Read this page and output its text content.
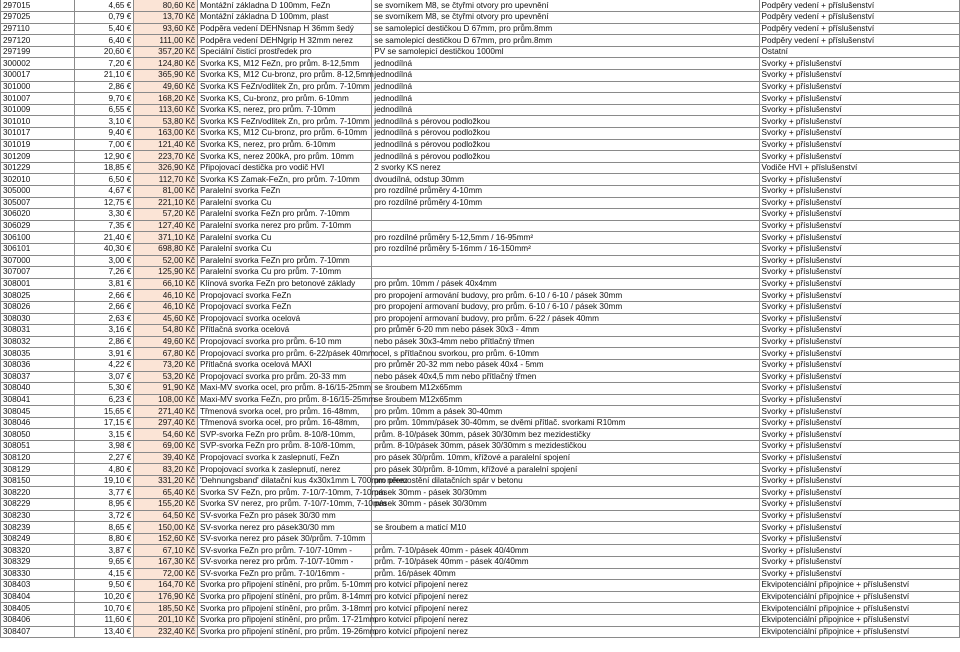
297015	4,65 €	80,60 Kč	Montážní základna D 100mm, FeZn	se svorníkem M8, se čtyřmi otvory pro upevnění	Podpěry vedení + příslušenství
297025	0,79 €	13,70 Kč	Montážní základna D 100mm, plast	se svorníkem M8, se čtyřmi otvory pro upevnění	Podpěry vedení + příslušenství
297110	5,40 €	93,60 Kč	Podpěra vedení DEHNsnap H 36mm šedý	se samolepicí destičkou D 67mm, pro prům.8mm	Podpěry vedení + příslušenství
297120	6,40 €	111,00 Kč	Podpěra vedení DEHNgrip H 32mm nerez	se samolepicí destičkou D 67mm, pro prům.8mm	Podpěry vedení + příslušenství
297199	20,60 €	357,20 Kč	Speciální čisticí prostředek pro	PV se samolepicí destičkou 1000ml	Ostatní
300002	7,20 €	124,80 Kč	Svorka KS, M12 FeZn, pro prům. 8-12,5mm	jednodílná	Svorky + příslušenství
300017	21,10 €	365,90 Kč	Svorka KS, M12 Cu-bronz, pro prům. 8-12,5mm	jednodílná	Svorky + příslušenství
301000	2,86 €	49,60 Kč	Svorka KS FeZn/odlitek Zn, pro prům. 7-10mm	jednodílná	Svorky + příslušenství
301007	9,70 €	168,20 Kč	Svorka KS, Cu-bronz, pro prům. 6-10mm	jednodílná	Svorky + příslušenství
301009	6,55 €	113,60 Kč	Svorka KS, nerez, pro prům. 7-10mm	jednodílná	Svorky + příslušenství
301010	3,10 €	53,80 Kč	Svorka KS FeZn/odlitek Zn, pro prům. 7-10mm	jednodílná s pérovou podložkou	Svorky + příslušenství
301017	9,40 €	163,00 Kč	Svorka KS, M12 Cu-bronz, pro prům. 6-10mm	jednodílná s pérovou podložkou	Svorky + příslušenství
301019	7,00 €	121,40 Kč	Svorka KS, nerez, pro prům. 6-10mm	jednodílná s pérovou podložkou	Svorky + příslušenství
301209	12,90 €	223,70 Kč	Svorka KS, nerez 200kA, pro prům. 10mm	jednodílná s pérovou podložkou	Svorky + příslušenství
301229	18,85 €	326,90 Kč	Připojovací destička pro vodič HVI	2 svorky KS nerez	Vodiče HVI + příslušenství
302010	6,50 €	112,70 Kč	Svorka KS Zamak-FeZn, pro prům. 7-10mm	dvoudílná, odstup 30mm	Svorky + příslušenství
305000	4,67 €	81,00 Kč	Paralelní svorka FeZn	pro rozdílné průměry 4-10mm	Svorky + příslušenství
305007	12,75 €	221,10 Kč	Paralelní svorka Cu	pro rozdílné průměry 4-10mm	Svorky + příslušenství
306020	3,30 €	57,20 Kč	Paralelní svorka FeZn pro prům. 7-10mm		Svorky + příslušenství
306029	7,35 €	127,40 Kč	Paralelní svorka nerez pro prům. 7-10mm		Svorky + příslušenství
306100	21,40 €	371,10 Kč	Paralelní svorka Cu	pro rozdílné průměry 5-12,5mm / 16-95mm²	Svorky + příslušenství
306101	40,30 €	698,80 Kč	Paralelní svorka Cu	pro rozdílné průměry 5-16mm / 16-150mm²	Svorky + příslušenství
307000	3,00 €	52,00 Kč	Paralelní svorka FeZn pro prům. 7-10mm		Svorky + příslušenství
307007	7,26 €	125,90 Kč	Paralelní svorka Cu pro prům. 7-10mm		Svorky + příslušenství
308001	3,81 €	66,10 Kč	Klínová svorka FeZn pro betonové základy	pro prům. 10mm / pásek 40x4mm	Svorky + příslušenství
308025	2,66 €	46,10 Kč	Propojovací svorka FeZn	pro propojení armování budovy, pro prům. 6-10 / 6-10 / pásek 30mm	Svorky + příslušenství
308026	2,66 €	46,10 Kč	Propojovací svorka FeZn	pro propojení armovaní budovy, pro prům. 6-10 / 6-10 / pásek 30mm	Svorky + příslušenství
308030	2,63 €	45,60 Kč	Propojovací svorka ocelová	pro propojení armovaní budovy, pro prům. 6-22 / pásek 40mm	Svorky + příslušenství
308031	3,16 €	54,80 Kč	Přítlačná svorka ocelová	pro průměr 6-20 mm nebo pásek 30x3 - 4mm	Svorky + příslušenství
308032	2,86 €	49,60 Kč	Propojovací svorka pro prům. 6-10 mm	nebo pásek 30x3-4mm nebo přítlačný třmen	Svorky + příslušenství
308035	3,91 €	67,80 Kč	Propojovací svorka pro prům. 6-22/pásek 40mm	ocel, s přítlačnou svorkou, pro prům. 6-10mm	Svorky + příslušenství
308036	4,22 €	73,20 Kč	Přítlačná svorka ocelová MAXI	pro průměr 20-32 mm nebo pásek 40x4 - 5mm	Svorky + příslušenství
308037	3,07 €	53,20 Kč	Propojovací svorka pro prům. 20-33 mm	nebo pásek 40x4,5 mm nebo přítlačný třmen	Svorky + příslušenství
308040	5,30 €	91,90 Kč	Maxi-MV svorka ocel, pro prům. 8-16/15-25mm	se šroubem M12x65mm	Svorky + příslušenství
308041	6,23 €	108,00 Kč	Maxi-MV svorka FeZn, pro prům. 8-16/15-25mm	se šroubem M12x65mm	Svorky + příslušenství
308045	15,65 €	271,40 Kč	Třmenová svorka ocel, pro prům. 16-48mm,	pro prům. 10mm a pásek 30-40mm	Svorky + příslušenství
308046	17,15 €	297,40 Kč	Třmenová svorka ocel, pro prům. 16-48mm,	pro prům. 10mm/pásek 30-40mm, se dvěmi přítlač. svorkami R10mm	Svorky + příslušenství
308050	3,15 €	54,60 Kč	SVP-svorka FeZn pro prům. 8-10/8-10mm,	prům. 8-10/pásek 30mm, pásek 30/30mm bez mezidestičky	Svorky + příslušenství
308051	3,98 €	69,00 Kč	SVP-svorka FeZn pro prům. 8-10/8-10mm,	prům. 8-10/pásek 30mm, pásek 30/30mm s mezidestičkou	Svorky + příslušenství
308120	2,27 €	39,40 Kč	Propojovací svorka k zaslepnutí, FeZn	pro pásek 30/prům. 10mm, křížové a paralelní spojení	Svorky + příslušenství
308129	4,80 €	83,20 Kč	Propojovací svorka k zaslepnutí, nerez	pro pásek 30/prům. 8-10mm, křížové a paralelní spojení	Svorky + příslušenství
308150	19,10 €	331,20 Kč	'Dehnungsband' dilatační kus 4x30x1mm L 700mm nerez	pro přemostění dilatačních spár v betonu	Svorky + příslušenství
308220	3,77 €	65,40 Kč	Svorka SV FeZn, pro prům. 7-10/7-10mm, 7-10mm	pásek 30mm - pásek 30/30mm	Svorky + příslušenství
308229	8,95 €	155,20 Kč	Svorka SV nerez, pro prům. 7-10/7-10mm, 7-10mm	pásek 30mm - pásek 30/30mm	Svorky + příslušenství
308230	3,72 €	64,50 Kč	SV-svorka FeZn pro pásek 30/30 mm		Svorky + příslušenství
308239	8,65 €	150,00 Kč	SV-svorka nerez pro pásek30/30 mm	se šroubem a maticí M10	Svorky + příslušenství
308249	8,80 €	152,60 Kč	SV-svorka nerez pro pásek 30/prům. 7-10mm		Svorky + příslušenství
308320	3,87 €	67,10 Kč	SV-svorka FeZn pro prům. 7-10/7-10mm -	prům. 7-10/pásek 40mm - pásek 40/40mm	Svorky + příslušenství
308329	9,65 €	167,30 Kč	SV-svorka nerez pro prům. 7-10/7-10mm -	prům. 7-10/pásek 40mm - pásek 40/40mm	Svorky + příslušenství
308330	4,15 €	72,00 Kč	SV-svorka FeZn pro prům. 7-10/16mm -	prům. 16/pásek 40mm	Svorky + příslušenství
308403	9,50 €	164,70 Kč	Svorka pro připojení stínění, pro prům. 5-10mm	pro kotvicí připojení nerez	Ekvipotenciální připojnice + příslušenství
308404	10,20 €	176,90 Kč	Svorka pro připojení stínění, pro prům. 8-14mm	pro kotvicí připojení nerez	Ekvipotenciální připojnice + příslušenství
308405	10,70 €	185,50 Kč	Svorka pro připojení stínění, pro prům. 3-18mm	pro kotvicí připojení nerez	Ekvipotenciální připojnice + příslušenství
308406	11,60 €	201,10 Kč	Svorka pro připojení stínění, pro prům. 17-21mm	pro kotvicí připojení nerez	Ekvipotenciální připojnice + příslušenství
308407	13,40 €	232,40 Kč	Svorka pro připojení stínění, pro prům. 19-26mm	pro kotvicí připojení nerez	Ekvipotenciální připojnice + příslušenství
